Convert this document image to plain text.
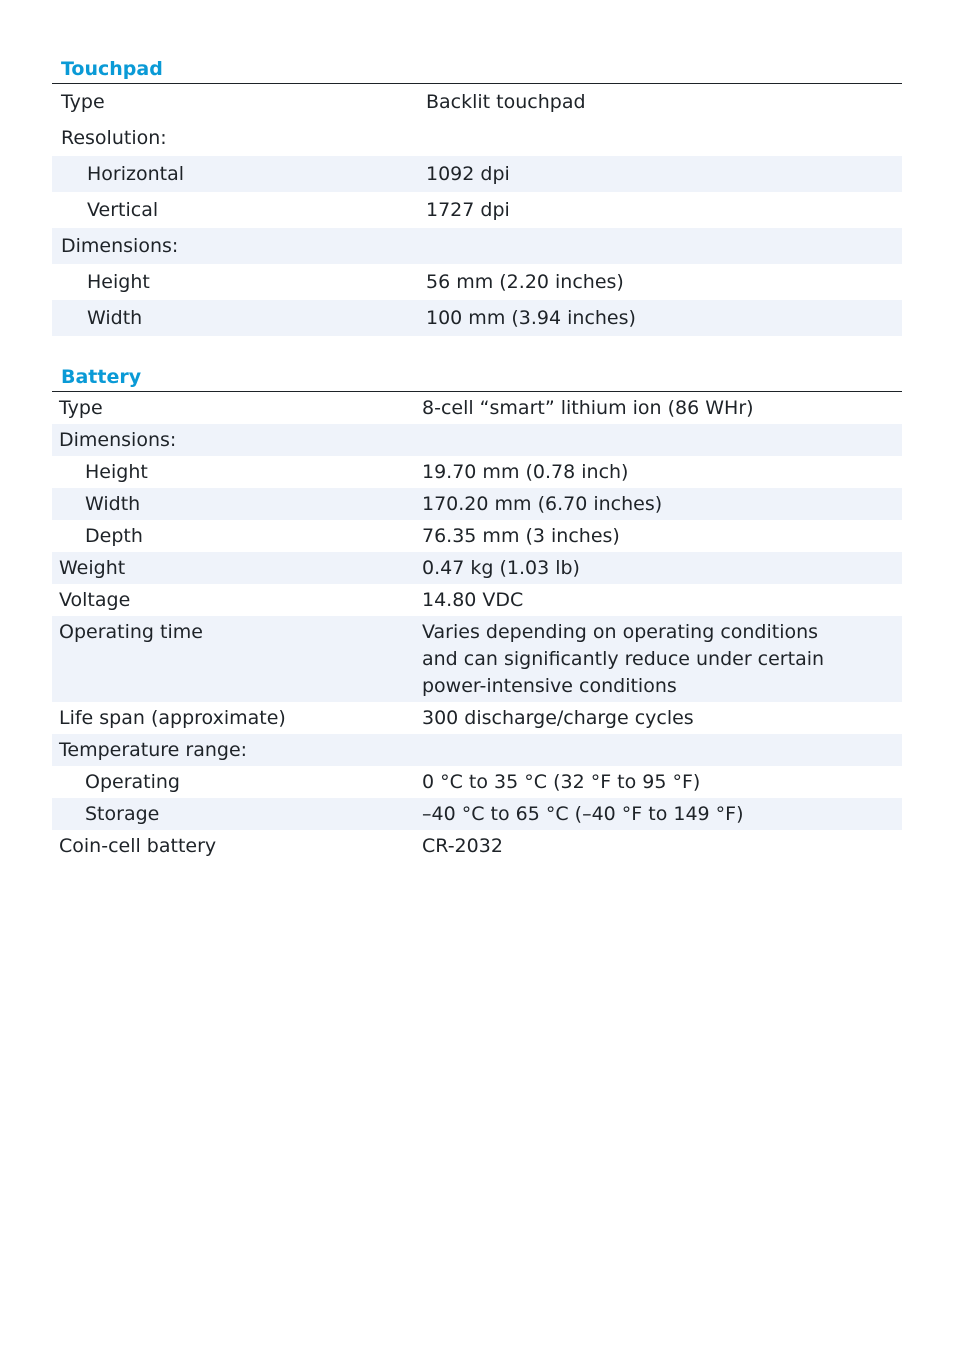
Touchpad
Type	Backlit touchpad
Resolution:	
Horizontal	1092 dpi
Vertical	1727 dpi
Dimensions:	
Height	56 mm (2.20 inches)
Width	100 mm (3.94 inches)
Battery
Type	8-cell “smart” lithium ion (86 WHr)
Dimensions:	
Height	19.70 mm (0.78 inch)
Width	170.20 mm (6.70 inches)
Depth	76.35 mm (3 inches)
Weight	0.47 kg (1.03 lb)
Voltage	14.80 VDC
Operating time	Varies depending on operating conditions
and can significantly reduce under certain
power-intensive conditions

Life span (approximate)	300 discharge/charge cycles
Temperature range:	
Operating	0 °C to 35 °C (32 °F to 95 °F)
Storage	–40 °C to 65 °C (–40 °F to 149 °F)
Coin-cell battery	CR-2032
